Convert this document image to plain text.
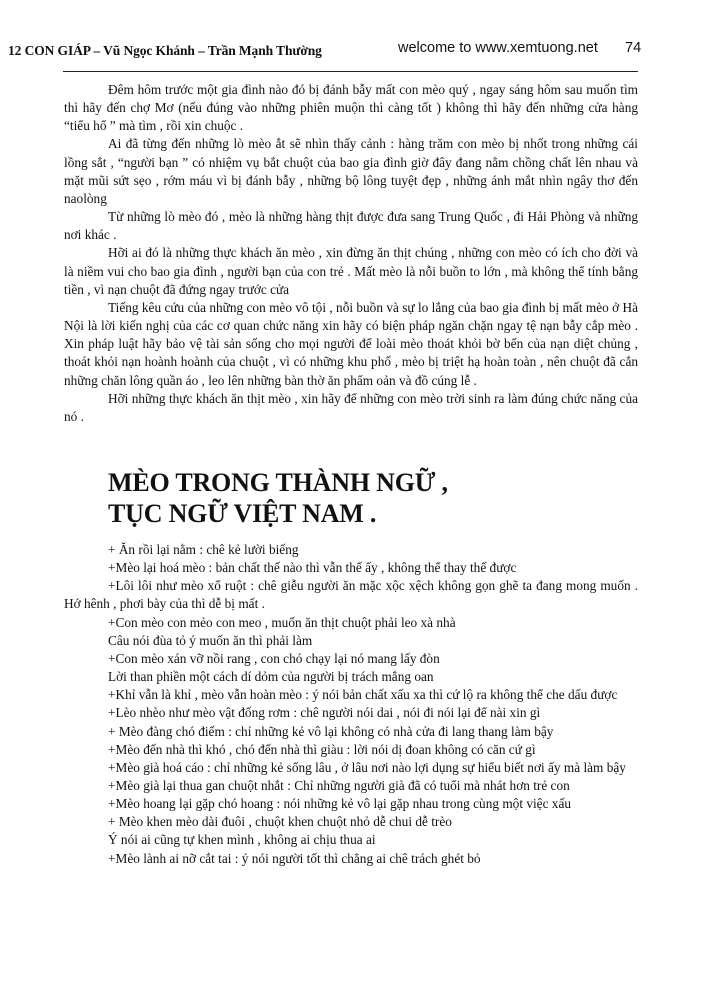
12 CON GIÁP – Vũ Ngọc Khánh – Trần Mạnh Thường	welcome to www.xemtuong.net 74

Đêm hôm trước một gia đình nào đó bị đánh bẫy mất con mèo quý , ngay sáng hôm sau muốn tìm thì hãy đến chợ Mơ (nếu đúng vào những phiên muộn thì càng tốt ) không thì hãy đến những cửa hàng “tiểu hổ ” mà tìm , rồi xin chuộc .

Ai đã từng đến những lò mèo ắt sẽ nhìn thấy cảnh : hàng trăm con mèo bị nhốt trong những cái lồng sắt , “người bạn ” có nhiệm vụ bắt chuột của bao gia đình giờ đây đang nằm chồng chất lên nhau và mặt mũi sứt sẹo , rớm máu vì bị đánh bẫy , những bộ lông tuyệt đẹp , những ánh mắt nhìn ngây thơ đến naolòng

Từ những lò mèo đó , mèo là những hàng thịt được đưa sang Trung Quốc , đi Hải Phòng và những nơi khác .

Hỡi ai đó là những thực khách ăn mèo , xin đừng ăn thịt chúng , những con mèo có ích cho đời và là niềm vui cho bao gia đình , người bạn của con trẻ . Mất mèo là nỗi buồn to lớn , mà không thể tính bằng tiền , vì nạn chuột đã đứng ngay trước cửa

Tiếng kêu cứu của những con mèo vô tội , nỗi buồn và sự lo lắng của bao gia đình bị mất mèo ở Hà Nội là lời kiến nghị của các cơ quan chức năng xin hãy có biện pháp ngăn chặn ngay tệ nạn bẫy cắp mèo . Xin pháp luật hãy bảo vệ tài sản sống cho mọi người để loài mèo thoát khỏi bờ bến của nạn diệt chủng , thoát khỏi nạn hoành hoành của chuột , vì có những khu phố , mèo bị triệt hạ hoàn toàn , nên chuột đã cắn những chăn lông quần áo , leo lên những bàn thờ ăn phẩm oản và đồ cúng lễ .

Hỡi những thực khách ăn thịt mèo , xin hãy để những con mèo trời sinh ra làm đúng chức năng của nó .

MÈO TRONG THÀNH NGỮ ,
TỤC NGỮ VIỆT NAM .

+ Ăn rồi lại nằm : chê kẻ lười biếng

+Mèo lại hoá mèo : bản chất thế nào thì vẫn thế ấy , không thể thay thế được

+Lôi lôi như mèo xổ ruột : chê giễu người ăn mặc xộc xệch không gọn ghẽ ta đang mong muốn . Hớ hênh , phơi bày của thì dễ bị mất .

+Con mèo con mẻo con meo , muốn ăn thịt chuột phải leo xà nhà

Câu nói đùa tỏ ý muốn ăn thì phải làm

+Con mèo xán vỡ nồi rang , con chó chạy lại nó mang lấy đòn

Lời than phiền một cách dí dỏm của người bị trách mắng oan

+Khỉ vẫn là khỉ , mèo vẫn hoàn mèo : ý nói bản chất xấu xa thì cứ lộ ra không thể che dấu được

+Lèo nhèo như mèo vật đống rơm : chê người nói dai , nói đi nói lại để nài xin gì

+ Mèo đàng chó điếm : chỉ những kẻ vô lại không có nhà cửa đi lang thang làm bậy

+Mèo đến nhà thì khó , chó đến nhà thì giàu : lời nói dị đoan không có căn cứ gì

+Mèo già hoá cáo : chỉ những kẻ sống lâu , ở lâu nơi nào lợi dụng sự hiểu biết nơi ấy mà làm bậy

+Mèo già lại thua gan chuột nhắt : Chỉ những người già đã có tuổi mà nhát hơn trẻ con

+Mèo hoang lại gặp chó hoang : nói những kẻ vô lại gặp nhau trong cùng một việc xấu

+ Mèo khen mèo dài đuôi , chuột khen chuột nhỏ dễ chui dễ trèo

Ý nói ai cũng tự khen mình , không ai chịu thua ai

+Mèo lành ai nỡ cắt tai : ý nói người tốt thì chẳng ai chê trách ghét bỏ
